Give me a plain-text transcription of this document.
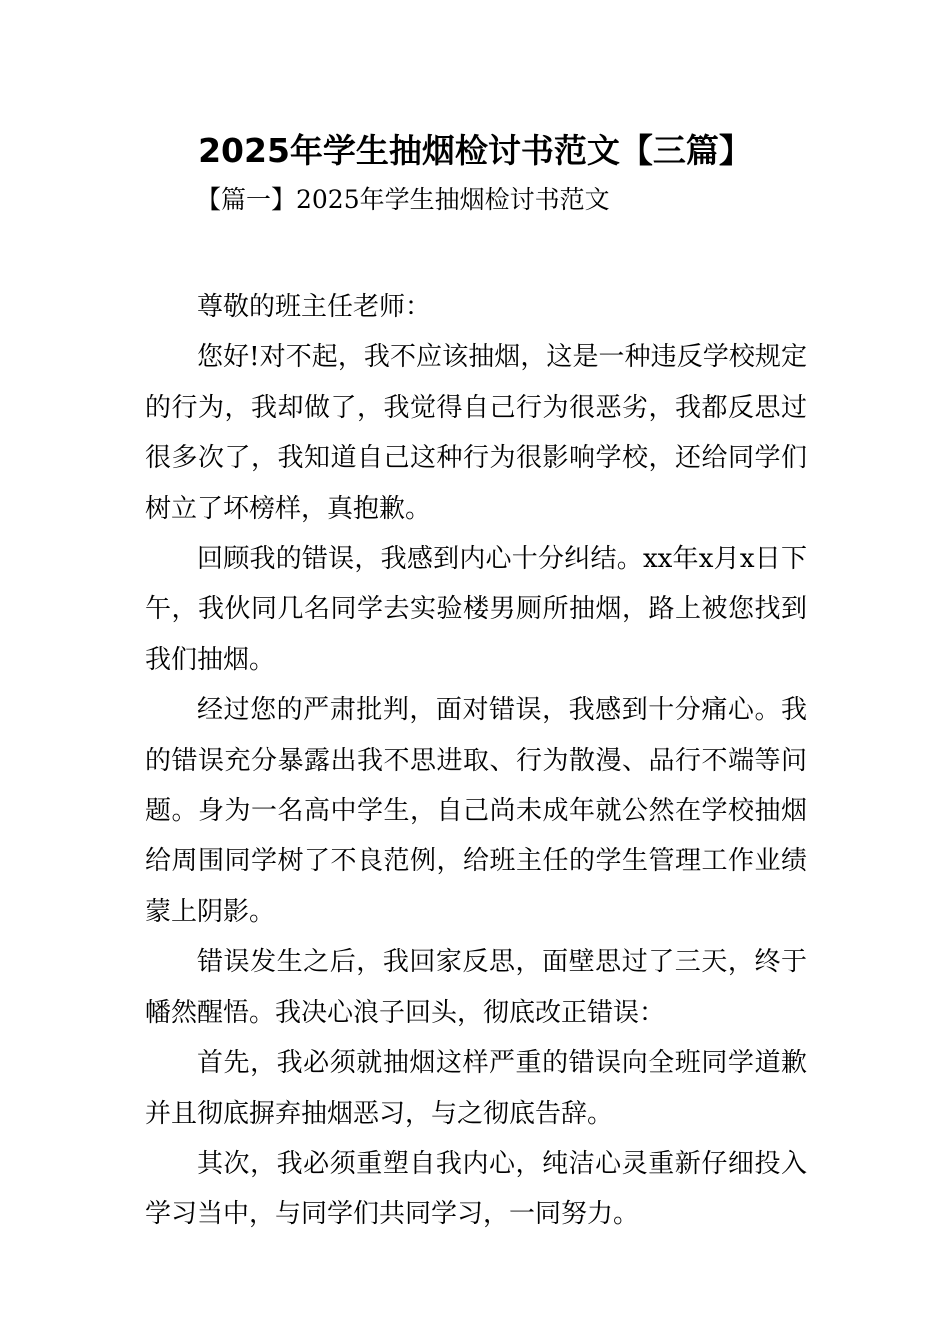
2025年学生抽烟检讨书范文【三篇】
【篇一】2025年学生抽烟检讨书范文

尊敬的班主任老师：

您好!对不起，我不应该抽烟，这是一种违反学校规定的行为，我却做了，我觉得自己行为很恶劣，我都反思过很多次了，我知道自己这种行为很影响学校，还给同学们树立了坏榜样，真抱歉。

回顾我的错误，我感到内心十分纠结。xx年x月x日下午，我伙同几名同学去实验楼男厕所抽烟，路上被您找到我们抽烟。

经过您的严肃批判，面对错误，我感到十分痛心。我的错误充分暴露出我不思进取、行为散漫、品行不端等问题。身为一名高中学生，自己尚未成年就公然在学校抽烟给周围同学树了不良范例，给班主任的学生管理工作业绩蒙上阴影。

错误发生之后，我回家反思，面壁思过了三天，终于幡然醒悟。我决心浪子回头，彻底改正错误：

首先，我必须就抽烟这样严重的错误向全班同学道歉并且彻底摒弃抽烟恶习，与之彻底告辞。

其次，我必须重塑自我内心，纯洁心灵重新仔细投入学习当中，与同学们共同学习，一同努力。
